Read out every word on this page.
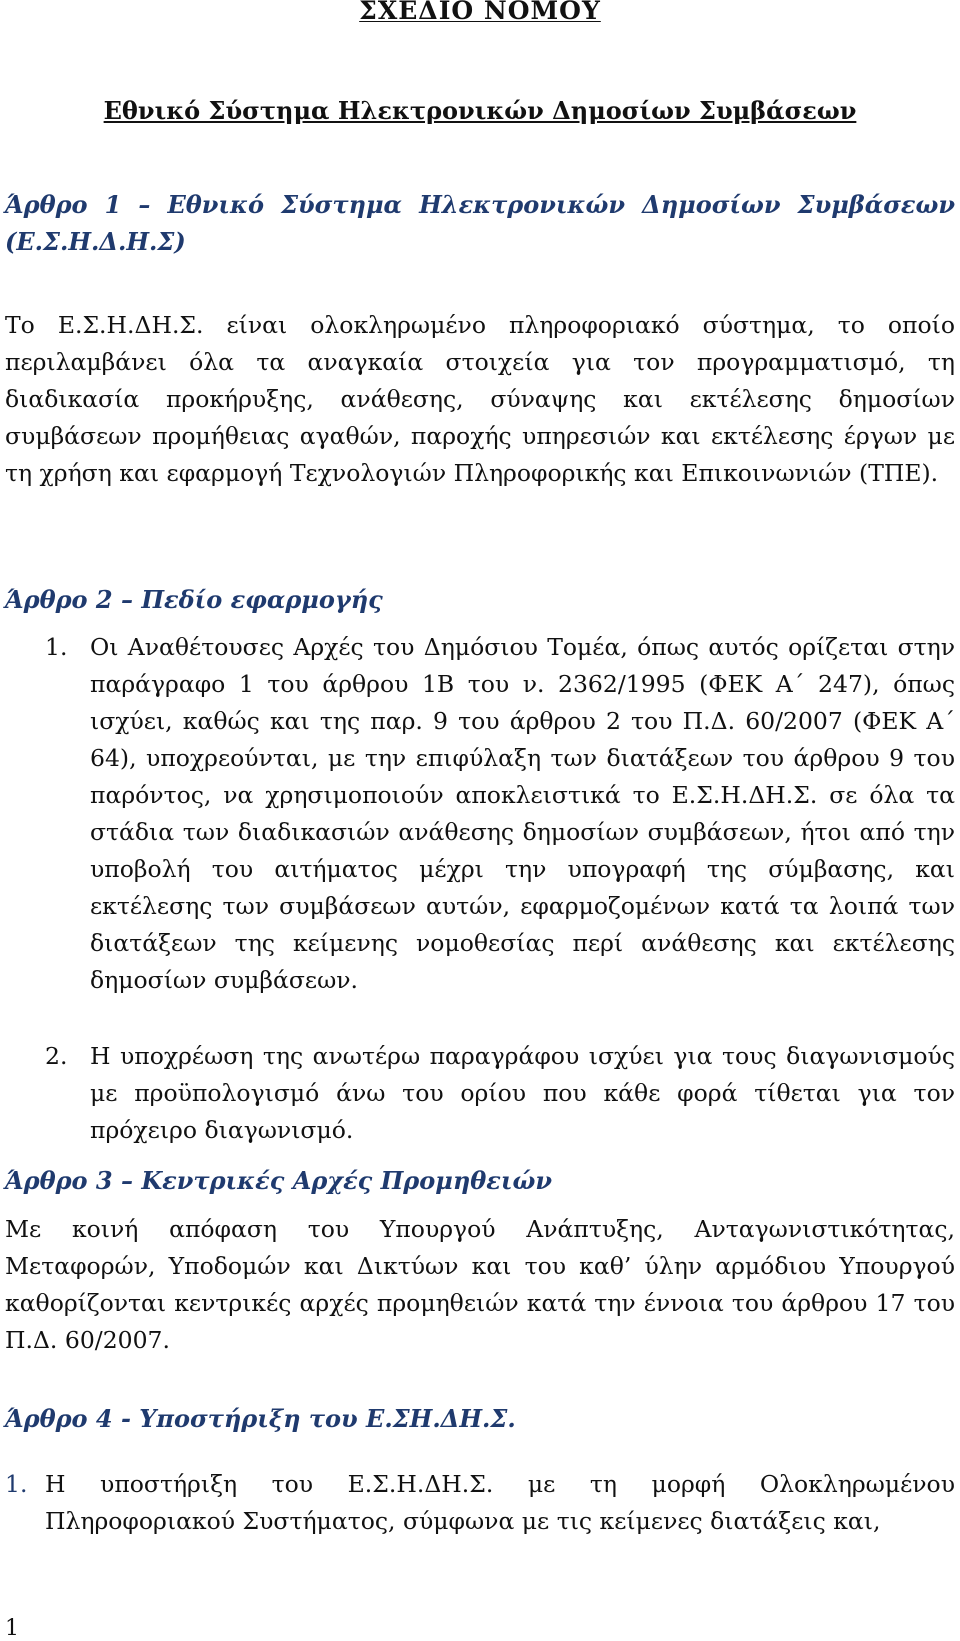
ΣΧΕΔΙΟ ΝΟΜΟΥ
Εθνικό Σύστημα Ηλεκτρονικών Δημοσίων Συμβάσεων
Άρθρο 1 – Εθνικό Σύστημα Ηλεκτρονικών Δημοσίων Συμβάσεων (Ε.Σ.Η.Δ.Η.Σ)

Το Ε.Σ.Η.ΔΗ.Σ. είναι ολοκληρωμένο πληροφοριακό σύστημα, το οποίο περιλαμβάνει όλα τα αναγκαία στοιχεία για τον προγραμματισμό, τη διαδικασία προκήρυξης, ανάθεσης, σύναψης και εκτέλεσης δημοσίων συμβάσεων προμήθειας αγαθών, παροχής υπηρεσιών και εκτέλεσης έργων με τη χρήση και εφαρμογή Τεχνολογιών Πληροφορικής και Επικοινωνιών (ΤΠΕ).

Άρθρο 2 – Πεδίο εφαρμογής
1. Οι Αναθέτουσες Αρχές του Δημόσιου Τομέα, όπως αυτός ορίζεται στην παράγραφο 1 του άρθρου 1Β του ν. 2362/1995 (ΦΕΚ Α΄ 247), όπως ισχύει, καθώς και της παρ. 9 του άρθρου 2 του Π.Δ. 60/2007 (ΦΕΚ Α΄ 64), υποχρεούνται, με την επιφύλαξη των διατάξεων του άρθρου 9 του παρόντος, να χρησιμοποιούν αποκλειστικά το Ε.Σ.Η.ΔΗ.Σ. σε όλα τα στάδια των διαδικασιών ανάθεσης δημοσίων συμβάσεων, ήτοι από την υποβολή του αιτήματος μέχρι την υπογραφή της σύμβασης, και εκτέλεσης των συμβάσεων αυτών, εφαρμοζομένων κατά τα λοιπά των διατάξεων της κείμενης νομοθεσίας περί ανάθεσης και εκτέλεσης δημοσίων συμβάσεων.
2. Η υποχρέωση της ανωτέρω παραγράφου ισχύει για τους διαγωνισμούς με προϋπολογισμό άνω του ορίου που κάθε φορά τίθεται για τον πρόχειρο διαγωνισμό.
Άρθρο 3 – Κεντρικές Αρχές Προμηθειών

Με κοινή απόφαση του Υπουργού Ανάπτυξης, Ανταγωνιστικότητας, Μεταφορών, Υποδομών και Δικτύων και του καθ’ ύλην αρμόδιου Υπουργού καθορίζονται κεντρικές αρχές προμηθειών κατά την έννοια του άρθρου 17 του Π.Δ. 60/2007.

Άρθρο 4 - Υποστήριξη του Ε.ΣΗ.ΔΗ.Σ.
1. Η υποστήριξη του Ε.Σ.Η.ΔΗ.Σ. με τη μορφή Ολοκληρωμένου Πληροφοριακού Συστήματος, σύμφωνα με τις κείμενες διατάξεις και,

1
